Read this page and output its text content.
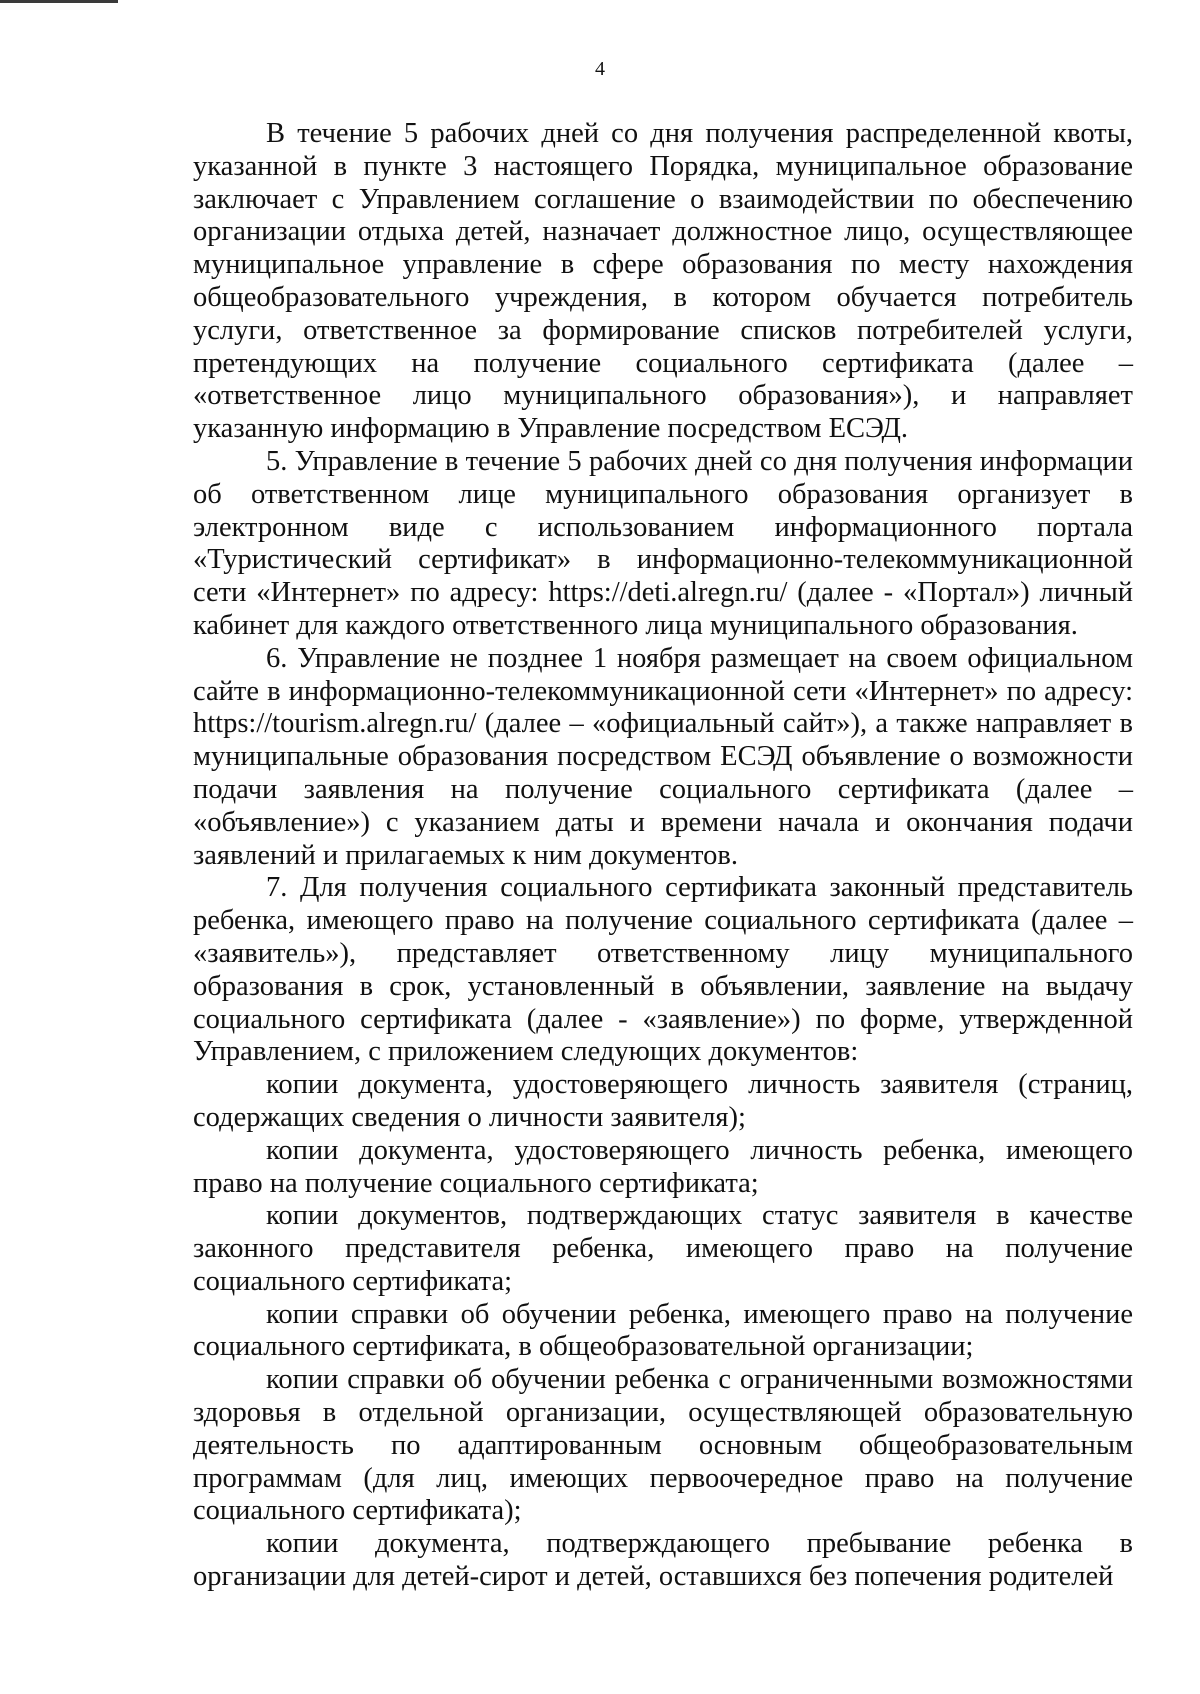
4

В течение 5 рабочих дней со дня получения распределенной квоты, указанной в пункте 3 настоящего Порядка, муниципальное образование заключает с Управлением соглашение о взаимодействии по обеспечению организации отдыха детей, назначает должностное лицо, осуществляющее муниципальное управление в сфере образования по месту нахождения общеобразовательного учреждения, в котором обучается потребитель услуги, ответственное за формирование списков потребителей услуги, претендующих на получение социального сертификата (далее – «ответственное лицо муниципального образования»), и направляет указанную информацию в Управление посредством ЕСЭД.

5. Управление в течение 5 рабочих дней со дня получения информации об ответственном лице муниципального образования организует в электронном виде с использованием информационного портала «Туристический сертификат» в информационно-телекоммуникационной сети «Интернет» по адресу: https://deti.alregn.ru/ (далее - «Портал») личный кабинет для каждого ответственного лица муниципального образования.

6. Управление не позднее 1 ноября размещает на своем официальном сайте в информационно-телекоммуникационной сети «Интернет» по адресу: https://tourism.alregn.ru/ (далее – «официальный сайт»), а также направляет в муниципальные образования посредством ЕСЭД объявление о возможности подачи заявления на получение социального сертификата (далее – «объявление») с указанием даты и времени начала и окончания подачи заявлений и прилагаемых к ним документов.

7. Для получения социального сертификата законный представитель ребенка, имеющего право на получение социального сертификата (далее – «заявитель»), представляет ответственному лицу муниципального образования в срок, установленный в объявлении, заявление на выдачу социального сертификата (далее - «заявление») по форме, утвержденной Управлением, с приложением следующих документов:

копии документа, удостоверяющего личность заявителя (страниц, содержащих сведения о личности заявителя);

копии документа, удостоверяющего личность ребенка, имеющего право на получение социального сертификата;

копии документов, подтверждающих статус заявителя в качестве законного представителя ребенка, имеющего право на получение социального сертификата;

копии справки об обучении ребенка, имеющего право на получение социального сертификата, в общеобразовательной организации;

копии справки об обучении ребенка с ограниченными возможностями здоровья в отдельной организации, осуществляющей образовательную деятельность по адаптированным основным общеобразовательным программам (для лиц, имеющих первоочередное право на получение социального сертификата);

копии документа, подтверждающего пребывание ребенка в организации для детей-сирот и детей, оставшихся без попечения родителей
